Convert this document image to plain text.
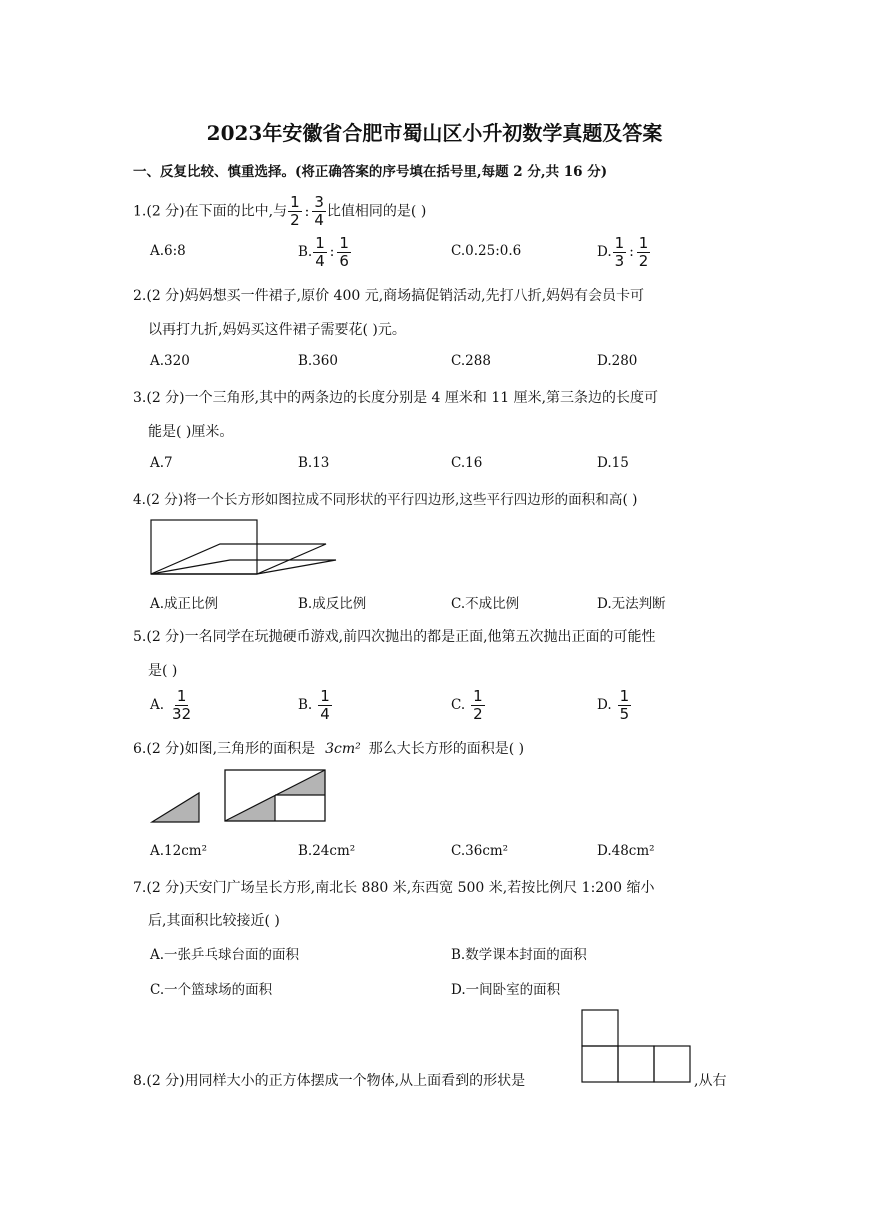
2023年安徽省合肥市蜀山区小升初数学真题及答案
一、反复比较、慎重选择。(将正确答案的序号填在括号里,每题 2 分,共 16 分)
1.(2 分)在下面的比中,与 $\frac{1}{2}$ : $\frac{3}{4}$ 比值相同的是( )
A.6:8	B. $\frac{1}{4}$ : $\frac{1}{6}$	C.0.25:0.6	D. $\frac{1}{3}$ : $\frac{1}{2}$
2.(2 分)妈妈想买一件裙子,原价 400 元,商场搞促销活动,先打八折,妈妈有会员卡可
以再打九折,妈妈买这件裙子需要花( )元。
A.320	B.360	C.288	D.280
3.(2 分)一个三角形,其中的两条边的长度分别是 4 厘米和 11 厘米,第三条边的长度可
能是( )厘米。
A.7	B.13	C.16	D.15
4.(2 分)将一个长方形如图拉成不同形状的平行四边形,这些平行四边形的面积和高( )
A.成正比例	B.成反比例	C.不成比例	D.无法判断
5.(2 分)一名同学在玩抛硬币游戏,前四次抛出的都是正面,他第五次抛出正面的可能性
是( )
A. $\frac{1}{32}$	B. $\frac{1}{4}$	C. $\frac{1}{2}$	D. $\frac{1}{5}$
6.(2 分)如图,三角形的面积是 3cm² 那么大长方形的面积是( )
A.12cm²	B.24cm²	C.36cm²	D.48cm²
7.(2 分)天安门广场呈长方形,南北长 880 米,东西宽 500 米,若按比例尺 1:200 缩小
后,其面积比较接近( )
A.一张乒乓球台面的面积	B.数学课本封面的面积
C.一个篮球场的面积	D.一间卧室的面积
8.(2 分)用同样大小的正方体摆成一个物体,从上面看到的形状是	,从右
